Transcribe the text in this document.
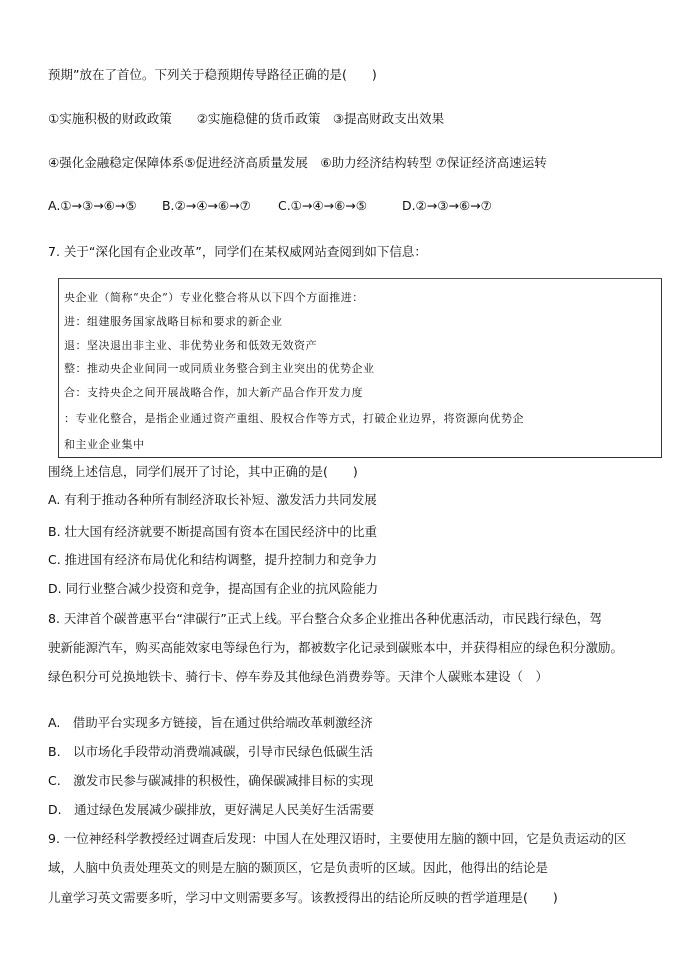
预期”放在了首位。下列关于稳预期传导路径正确的是(　　)
①实施积极的财政政策　　②实施稳健的货币政策　③提高财政支出效果
④强化金融稳定保障体系⑤促进经济高质量发展　⑥助力经济结构转型 ⑦保证经济高速运转
A.①→③→⑥→⑤ B.②→④→⑥→⑦ C.①→④→⑥→⑤	D.②→③→⑥→⑦
7. 关于“深化国有企业改革”，同学们在某权威网站查阅到如下信息：
央企业（简称“央企”）专业化整合将从以下四个方面推进：
进：组建服务国家战略目标和要求的新企业
退：坚决退出非主业、非优势业务和低效无效资产
整：推动央企业间同一或同质业务整合到主业突出的优势企业
合：支持央企之间开展战略合作，加大新产品合作开发力度
：专业化整合，是指企业通过资产重组、股权合作等方式，打破企业边界，将资源向优势企
和主业企业集中
围绕上述信息，同学们展开了讨论，其中正确的是(　　)
A. 有利于推动各种所有制经济取长补短、激发活力共同发展
B. 壮大国有经济就要不断提高国有资本在国民经济中的比重
C. 推进国有经济布局优化和结构调整，提升控制力和竞争力
D. 同行业整合减少投资和竞争，提高国有企业的抗风险能力
8. 天津首个碳普惠平台“津碳行”正式上线。平台整合众多企业推出各种优惠活动，市民践行绿色，驾
驶新能源汽车，购买高能效家电等绿色行为，都被数字化记录到碳账本中，并获得相应的绿色积分激励。
绿色积分可兑换地铁卡、骑行卡、停车券及其他绿色消费券等。天津个人碳账本建设（　）
A.　借助平台实现多方链接，旨在通过供给端改革刺激经济
B.　以市场化手段带动消费端减碳，引导市民绿色低碳生活
C.　激发市民参与碳减排的积极性，确保碳减排目标的实现
D.　通过绿色发展减少碳排放，更好满足人民美好生活需要
9. 一位神经科学教授经过调查后发现：中国人在处理汉语时，主要使用左脑的额中回，它是负责运动的区
域，人脑中负责处理英文的则是左脑的颞顶区，它是负责听的区域。因此，他得出的结论是
儿童学习英文需要多听，学习中文则需要多写。该教授得出的结论所反映的哲学道理是(　　)
